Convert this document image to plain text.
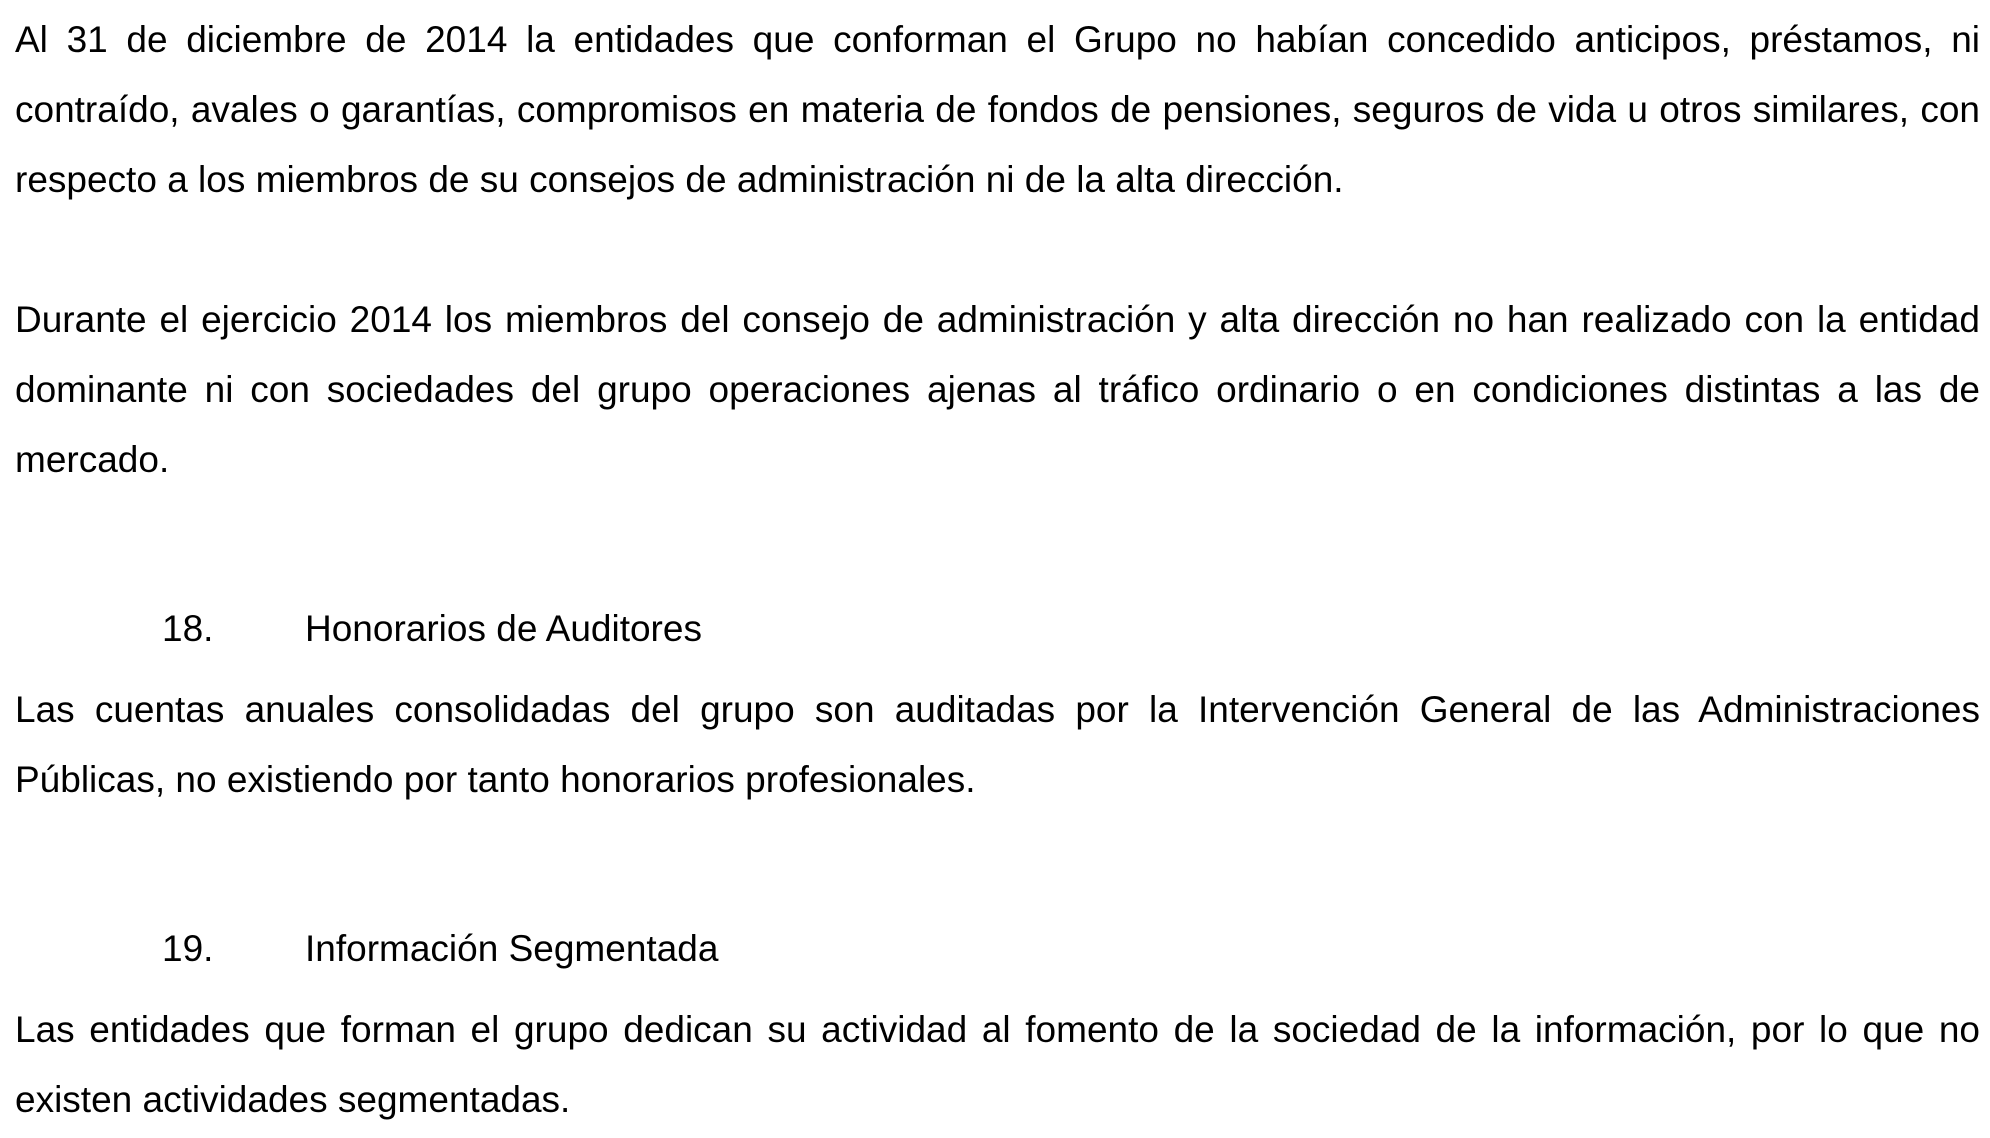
Al 31 de diciembre de 2014 la entidades que conforman el Grupo no habían concedido anticipos, préstamos, ni contraído, avales o garantías, compromisos en materia de fondos de pensiones, seguros de vida u otros similares, con respecto a los miembros de su consejos de administración ni de la alta dirección.

Durante el ejercicio 2014 los miembros del consejo de administración y alta dirección no han realizado con la entidad dominante ni con sociedades del grupo operaciones ajenas al tráfico ordinario o en condiciones distintas a las de mercado.

18. Honorarios de Auditores

Las cuentas anuales consolidadas del grupo son auditadas por la Intervención General de las Administraciones Públicas, no existiendo por tanto honorarios profesionales.

19. Información Segmentada

Las entidades que forman el grupo dedican su actividad al fomento de la sociedad de la información, por lo que no existen actividades segmentadas.
